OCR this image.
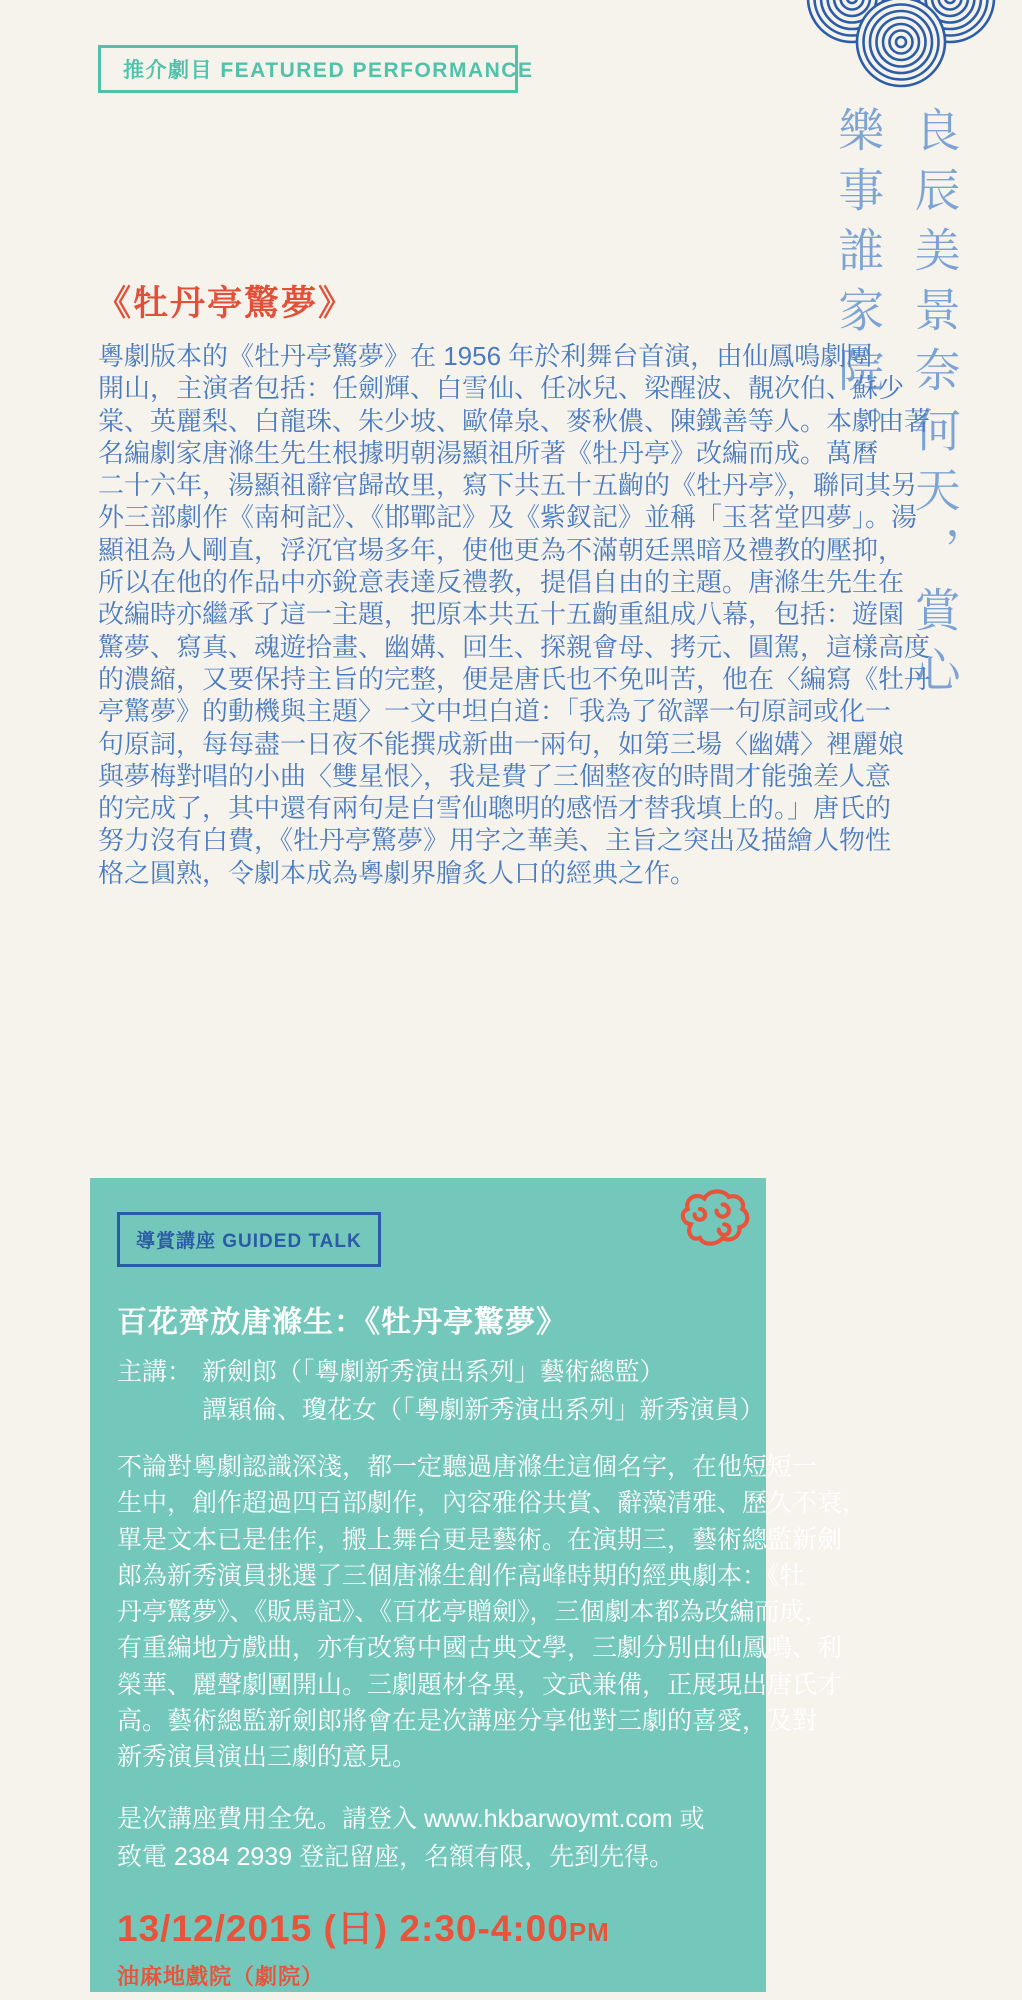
推介劇目 FEATURED PERFORMANCE
良辰美景奈何天，賞心
樂事誰家院。
《牡丹亭驚夢》
粵劇版本的《牡丹亭驚夢》在 1956 年於利舞台首演，由仙鳳鳴劇團
開山，主演者包括：任劍輝、白雪仙、任冰兒、梁醒波、靚次伯、蘇少
棠、英麗梨、白龍珠、朱少坡、歐偉泉、麥秋儂、陳鐵善等人。本劇由著
名編劇家唐滌生先生根據明朝湯顯祖所著《牡丹亭》改編而成。萬曆
二十六年，湯顯祖辭官歸故里，寫下共五十五齣的《牡丹亭》，聯同其另
外三部劇作《南柯記》、《邯鄲記》及《紫釵記》並稱「玉茗堂四夢」。湯
顯祖為人剛直，浮沉官場多年，使他更為不滿朝廷黑暗及禮教的壓抑，
所以在他的作品中亦銳意表達反禮教，提倡自由的主題。唐滌生先生在
改編時亦繼承了這一主題，把原本共五十五齣重組成八幕，包括：遊園
驚夢、寫真、魂遊拾畫、幽媾、回生、探親會母、拷元、圓駕，這樣高度
的濃縮，又要保持主旨的完整，便是唐氏也不免叫苦，他在〈編寫《牡丹
亭驚夢》的動機與主題〉一文中坦白道：「我為了欲譯一句原詞或化一
句原詞，每每盡一日夜不能撰成新曲一兩句，如第三場〈幽媾〉裡麗娘
與夢梅對唱的小曲〈雙星恨〉，我是費了三個整夜的時間才能強差人意
的完成了，其中還有兩句是白雪仙聰明的感悟才替我填上的。」唐氏的
努力沒有白費，《牡丹亭驚夢》用字之華美、主旨之突出及描繪人物性
格之圓熟，令劇本成為粵劇界膾炙人口的經典之作。
導賞講座 GUIDED TALK
百花齊放唐滌生：《牡丹亭驚夢》
主講： 新劍郎（「粵劇新秀演出系列」藝術總監）
譚穎倫、瓊花女（「粵劇新秀演出系列」新秀演員）
不論對粵劇認識深淺，都一定聽過唐滌生這個名字，在他短短一
生中，創作超過四百部劇作，內容雅俗共賞、辭藻清雅、歷久不衰，
單是文本已是佳作，搬上舞台更是藝術。在演期三，藝術總監新劍
郎為新秀演員挑選了三個唐滌生創作高峰時期的經典劇本：《牡
丹亭驚夢》、《販馬記》、《百花亭贈劍》，三個劇本都為改編而成，
有重編地方戲曲，亦有改寫中國古典文學，三劇分別由仙鳳鳴、利
榮華、麗聲劇團開山。三劇題材各異，文武兼備，正展現出唐氏才
高。藝術總監新劍郎將會在是次講座分享他對三劇的喜愛，及對
新秀演員演出三劇的意見。
是次講座費用全免。請登入 www.hkbarwoymt.com 或
致電 2384 2939 登記留座，名額有限，先到先得。
13/12/2015 (日) 2:30-4:00PM
油麻地戲院（劇院）
